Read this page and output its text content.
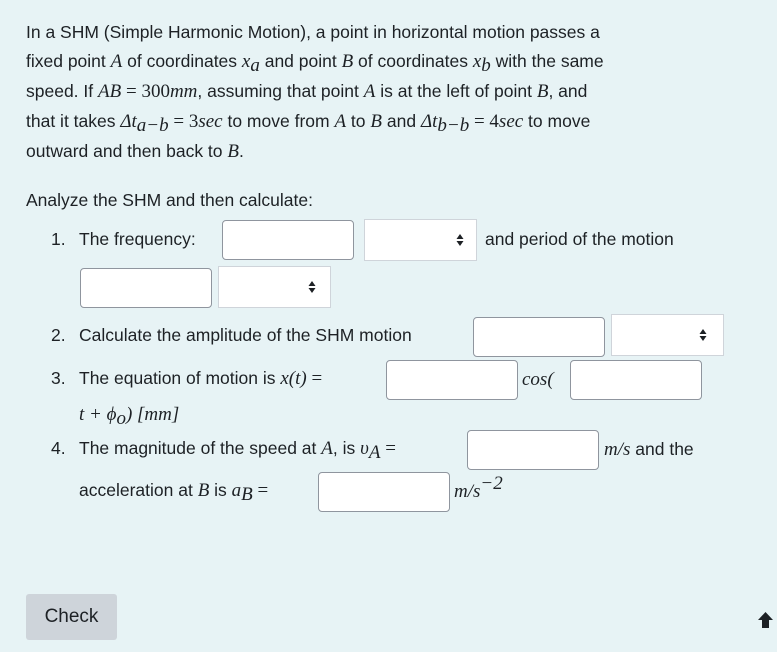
In a SHM (Simple Harmonic Motion), a point in horizontal motion passes a
fixed point A of coordinates $x_a$ and point B of coordinates $x_b$ with the same
speed. If AB = 300mm, assuming that point A is at the left of point B, and
that it takes $\Delta t_{a-b} = 3\sec$ to move from A to B and $\Delta t_{b-b} = 4\sec$ to move
outward and then back to B.
Analyze the SHM and then calculate:
1. The frequency:	and period of the motion
2. Calculate the amplitude of the SHM motion
3. The equation of motion is x(t) =	cos(
$t + \phi_o$) [mm]
4. The magnitude of the speed at A, is $\upsilon_A$ =	m/s and the
acceleration at B is $a_B$ =	$m/s^{-2}$
Check
